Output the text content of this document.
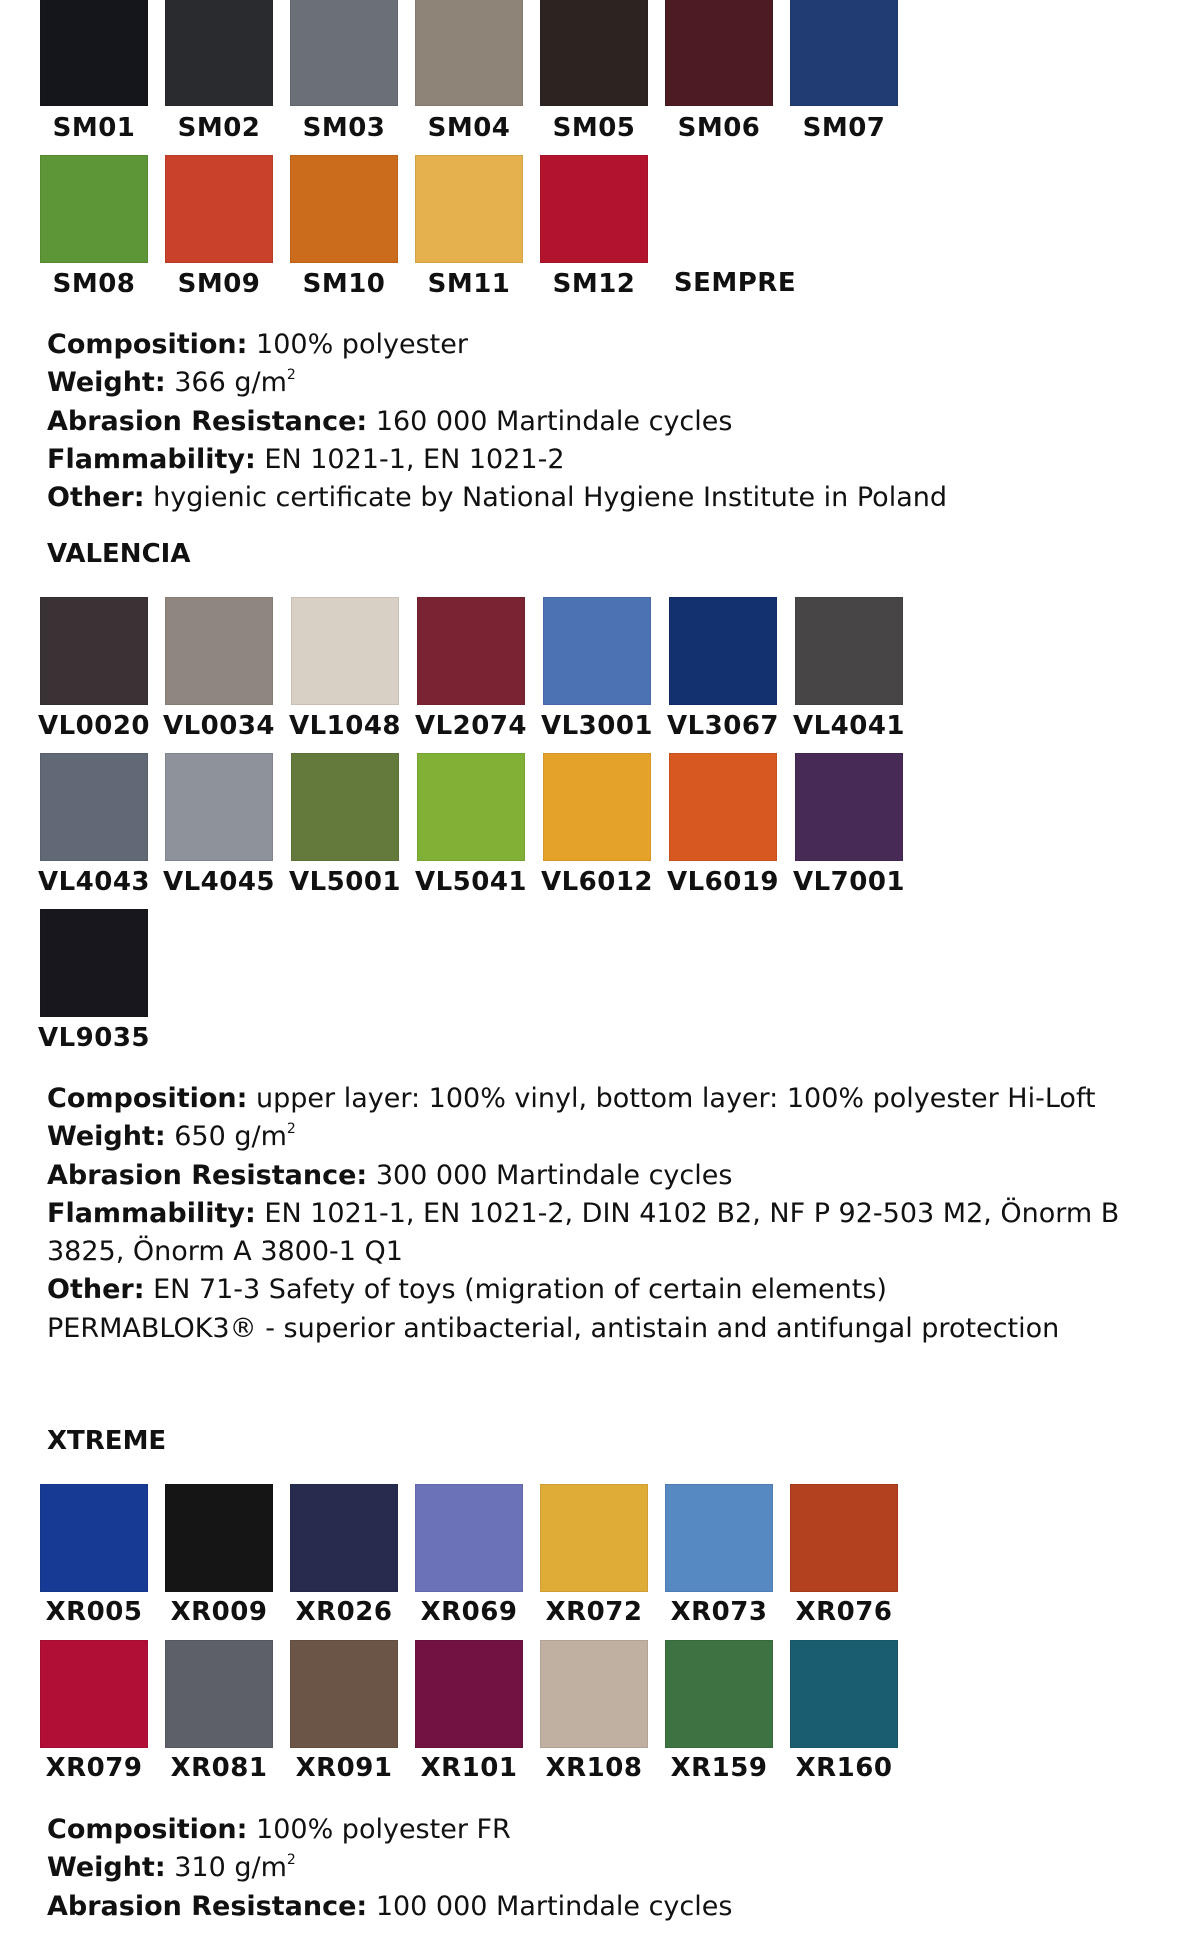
SM01	SM02	SM03	SM04	SM05	SM06	SM07
SM08	SM09	SM10	SM11	SM12	SEMPRE
Composition: 100% polyester
Weight: 366 $g/m^2$
Abrasion Resistance: 160 000 Martindale cycles
Flammability: EN 1021-1, EN 1021-2
Other: hygienic certificate by National Hygiene Institute in Poland
VALENCIA
VL0020 VL0034 VL1048 VL2074 VL3001 VL3067 VL4041
VL4043 VL4045 VL5001 VL5041 VL6012 VL6019 VL7001
VL9035
Composition: upper layer: 100% vinyl, bottom layer: 100% polyester Hi-Loft
Weight: 650 $g/m^2$
Abrasion Resistance: 300 000 Martindale cycles
Flammability: EN 1021-1, EN 1021-2, DIN 4102 B2, NF P 92-503 M2, Önorm B 3825, Önorm A 3800-1 Q1
Other: EN 71-3 Safety of toys (migration of certain elements)
PERMABLOK3® - superior antibacterial, antistain and antifungal protection
XTREME
XR005	XR009	XR026	XR069	XR072	XR073	XR076
XR079	XR081	XR091	XR101	XR108	XR159	XR160
Composition: 100% polyester FR
Weight: 310 $g/m^2$
Abrasion Resistance: 100 000 Martindale cycles
